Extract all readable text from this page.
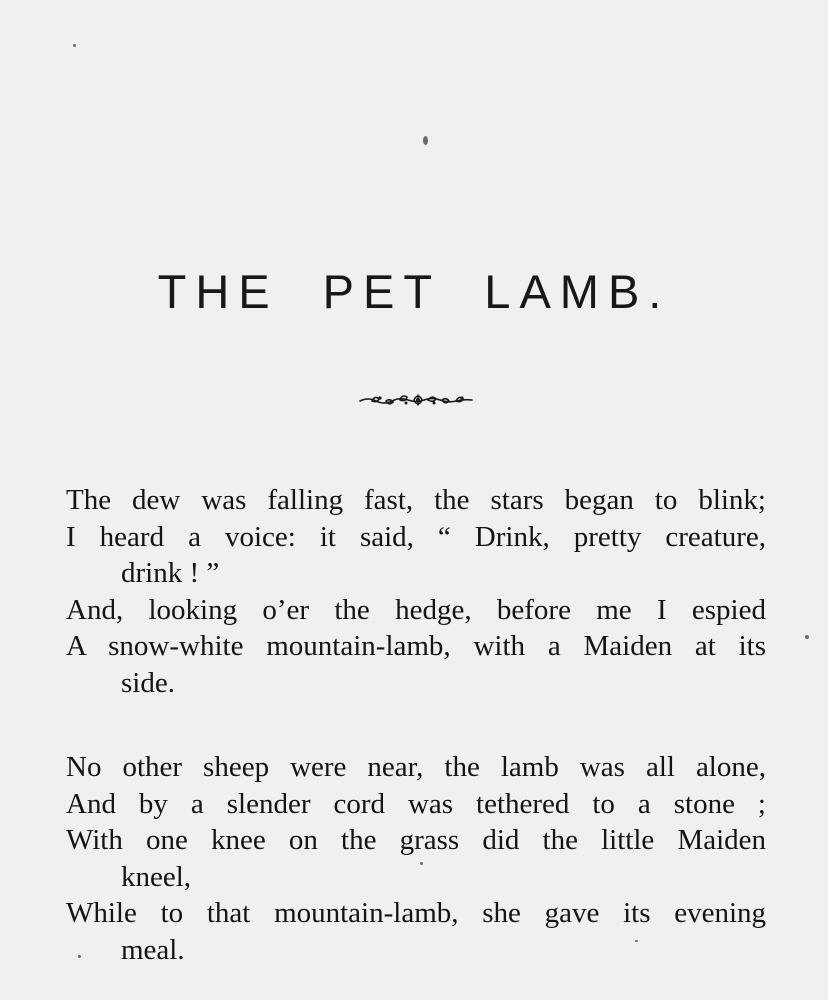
THE PET LAMB.
The dew was falling fast, the stars began to blink;
I heard a voice: it said, “ Drink, pretty creature,
drink ! ”
And, looking o’er the hedge, before me I espied
A snow-white mountain-lamb, with a Maiden at its
side.
No other sheep were near, the lamb was all alone,
And by a slender cord was tethered to a stone ;
With one knee on the grass did the little Maiden
kneel,
While to that mountain-lamb, she gave its evening
meal.
